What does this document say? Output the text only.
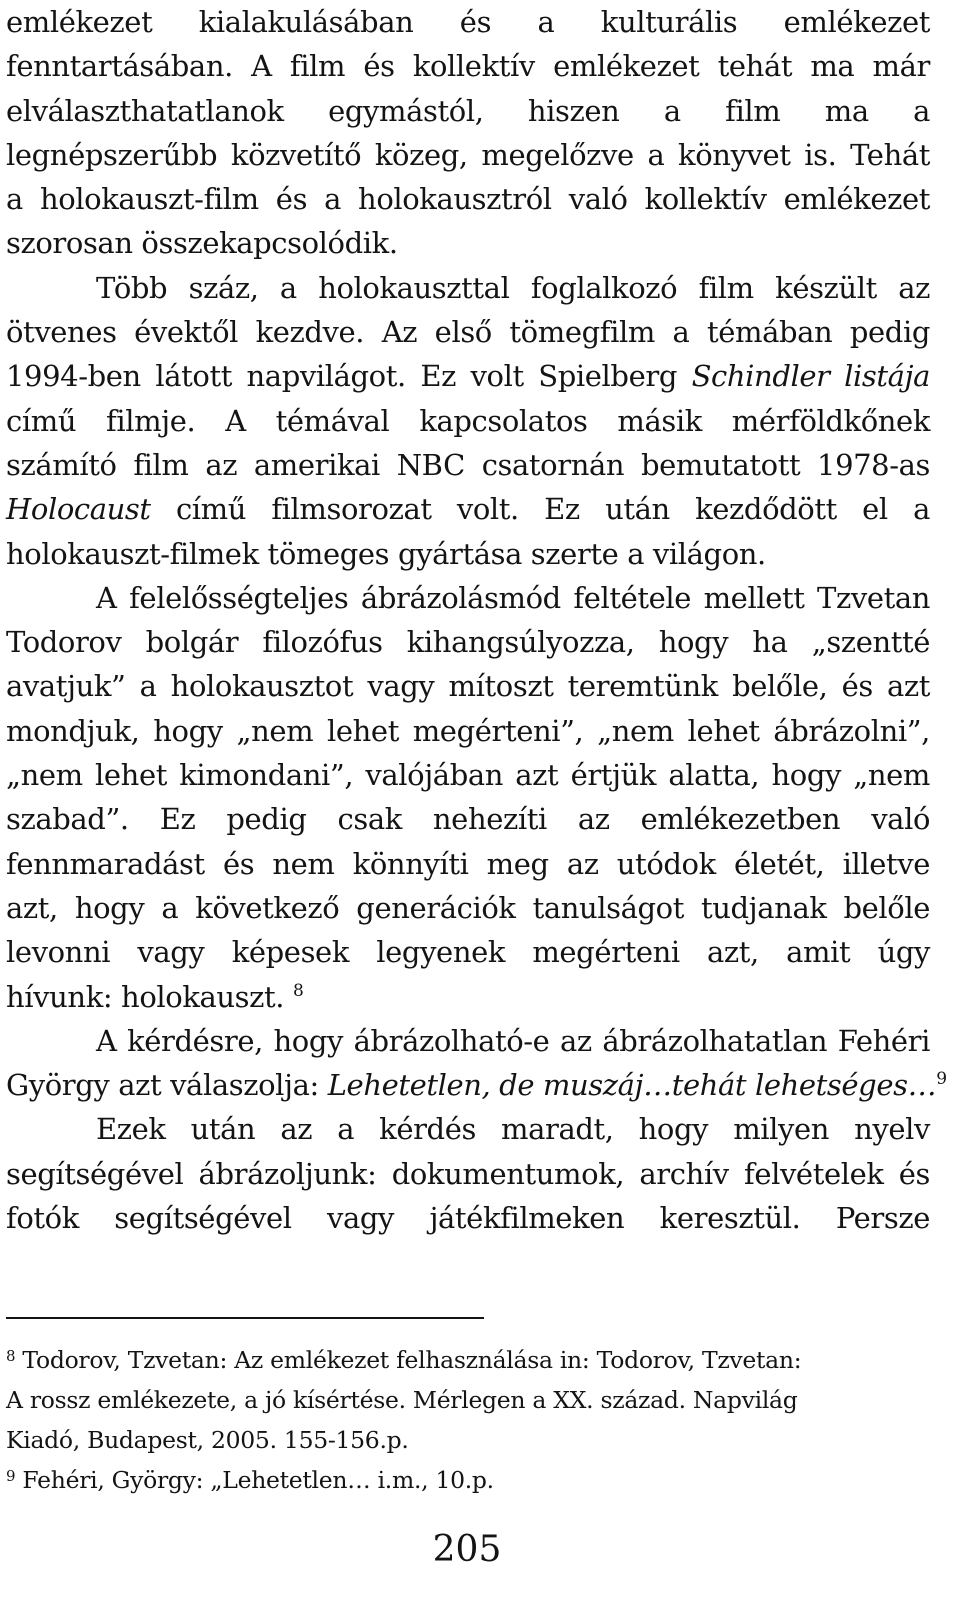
emlékezet kialakulásában és a kulturális emlékezet
fenntartásában. A film és kollektív emlékezet tehát ma már
elválaszthatatlanok egymástól, hiszen a film ma a
legnépszerűbb közvetítő közeg, megelőzve a könyvet is. Tehát
a holokauszt-film és a holokausztról való kollektív emlékezet
szorosan összekapcsolódik.
Több száz, a holokauszttal foglalkozó film készült az
ötvenes évektől kezdve. Az első tömegfilm a témában pedig
1994-ben látott napvilágot. Ez volt Spielberg Schindler listája
című filmje. A témával kapcsolatos másik mérföldkőnek
számító film az amerikai NBC csatornán bemutatott 1978-as
Holocaust című filmsorozat volt. Ez után kezdődött el a
holokauszt-filmek tömeges gyártása szerte a világon.
A felelősségteljes ábrázolásmód feltétele mellett Tzvetan
Todorov bolgár filozófus kihangsúlyozza, hogy ha „szentté
avatjuk” a holokausztot vagy mítoszt teremtünk belőle, és azt
mondjuk, hogy „nem lehet megérteni”, „nem lehet ábrázolni”,
„nem lehet kimondani”, valójában azt értjük alatta, hogy „nem
szabad”. Ez pedig csak nehezíti az emlékezetben való
fennmaradást és nem könnyíti meg az utódok életét, illetve
azt, hogy a következő generációk tanulságot tudjanak belőle
levonni vagy képesek legyenek megérteni azt, amit úgy
hívunk: holokauszt. $^8$
A kérdésre, hogy ábrázolható-e az ábrázolhatatlan Fehéri
György azt válaszolja: Lehetetlen, de muszáj…tehát lehetséges…$^9$
Ezek után az a kérdés maradt, hogy milyen nyelv
segítségével ábrázoljunk: dokumentumok, archív felvételek és
fotók segítségével vagy játékfilmeken keresztül. Persze
$^8$ Todorov, Tzvetan: Az emlékezet felhasználása in: Todorov, Tzvetan:
A rossz emlékezete, a jó kísértése. Mérlegen a XX. század. Napvilág
Kiadó, Budapest, 2005. 155-156.p.
$^9$ Fehéri, György: „Lehetetlen… i.m., 10.p.
205
